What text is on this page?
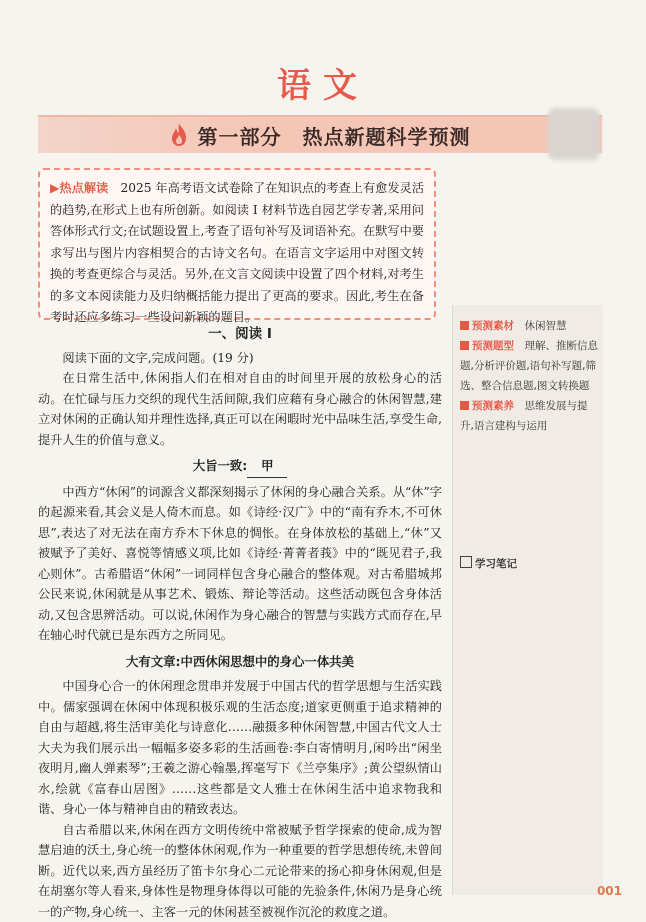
语文
第一部分　热点新题科学预测
▶热点解读　2025 年高考语文试卷除了在知识点的考查上有愈发灵活的趋势,在形式上也有所创新。如阅读 I 材料节选自园艺学专著,采用问答体形式行文;在试题设置上,考查了语句补写及词语补充。在默写中要求写出与图片内容相契合的古诗文名句。在语言文字运用中对图文转换的考查更综合与灵活。另外,在文言文阅读中设置了四个材料,对考生的多文本阅读能力及归纳概括能力提出了更高的要求。因此,考生在备考时还应多练习一些设问新颖的题目。
预测素材　 休闲智慧
预测题型　 理解、推断信息题,分析评价题,语句补写题,筛选、整合信息题,图文转换题
预测素养　 思维发展与提升,语言建构与运用
学习笔记
一、阅读 I

阅读下面的文字,完成问题。(19 分)

在日常生活中,休闲指人们在相对自由的时间里开展的放松身心的活动。在忙碌与压力交织的现代生活间隙,我们应藉有身心融合的休闲智慧,建立对休闲的正确认知并理性选择,真正可以在闲暇时光中品味生活,享受生命,提升人生的价值与意义。

大旨一致: 甲

中西方“休闲”的词源含义都深刻揭示了休闲的身心融合关系。从“休”字的起源来看,其会义是人倚木而息。如《诗经·汉广》中的“南有乔木,不可休思”,表达了对无法在南方乔木下休息的惆怅。在身体放松的基础上,“休”又被赋予了美好、喜悦等情感义项,比如《诗经·菁菁者莪》中的“既见君子,我心则休”。古希腊语“休闲”一词同样包含身心融合的整体观。对古希腊城邦公民来说,休闲就是从事艺术、锻炼、辩论等活动。这些活动既包含身体活动,又包含思辨活动。可以说,休闲作为身心融合的智慧与实践方式而存在,早在轴心时代就已是东西方之所同见。

大有文章:中西休闲思想中的身心一体共美

中国身心合一的休闲理念贯串并发展于中国古代的哲学思想与生活实践中。儒家强调在休闲中体现积极乐观的生活态度;道家更侧重于追求精神的自由与超越,将生活审美化与诗意化……融摄多种休闲智慧,中国古代文人士大夫为我们展示出一幅幅多姿多彩的生活画卷:李白寄情明月,闲吟出“闲坐夜明月,幽人弹素琴”;王羲之游心翰墨,挥毫写下《兰亭集序》;黄公望纵情山水,绘就《富春山居图》……这些都是文人雅士在休闲生活中追求物我和谐、身心一体与精神自由的精致表达。

自古希腊以来,休闲在西方文明传统中常被赋予哲学探索的使命,成为智慧启迪的沃土,身心统一的整体休闲观,作为一种重要的哲学思想传统,未曾间断。近代以来,西方虽经历了笛卡尔身心二元论带来的扬心抑身休闲观,但是在胡塞尔等人看来,身体性是物理身体得以可能的先验条件,休闲乃是身心统一的产物,身心统一、主客一元的休闲甚至被视作沉沦的救度之道。

001
